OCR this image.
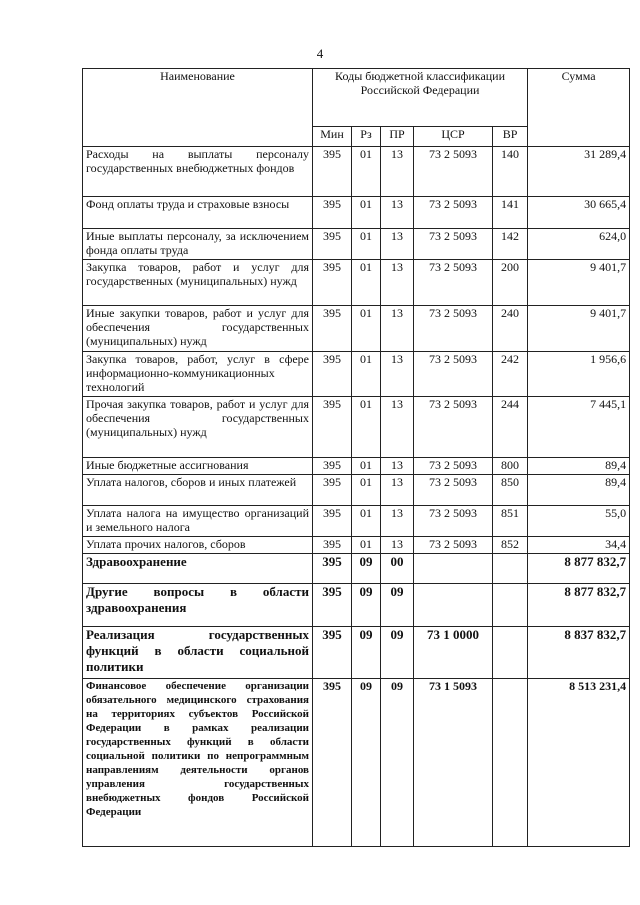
4
Наименование	Коды бюджетной классификации Российской Федерации					Сумма
	Мин	Рз	ПР	ЦСР	ВР	
Расходы на выплаты персоналу государственных внебюджетных фондов	395	01	13	73 2 5093	140	31 289,4
Фонд оплаты труда и страховые взносы	395	01	13	73 2 5093	141	30 665,4
Иные выплаты персоналу, за исключением фонда оплаты труда	395	01	13	73 2 5093	142	624,0
Закупка товаров, работ и услуг для государственных (муниципальных) нужд	395	01	13	73 2 5093	200	9 401,7
Иные закупки товаров, работ и услуг для обеспечения государственных (муниципальных) нужд	395	01	13	73 2 5093	240	9 401,7
Закупка товаров, работ, услуг в сфере информационно-коммуникационных технологий	395	01	13	73 2 5093	242	1 956,6
Прочая закупка товаров, работ и услуг для обеспечения государственных (муниципальных) нужд	395	01	13	73 2 5093	244	7 445,1
Иные бюджетные ассигнования	395	01	13	73 2 5093	800	89,4
Уплата налогов, сборов и иных платежей	395	01	13	73 2 5093	850	89,4
Уплата налога на имущество организаций и земельного налога	395	01	13	73 2 5093	851	55,0
Уплата прочих налогов, сборов	395	01	13	73 2 5093	852	34,4
Здравоохранение	395	09	00			8 877 832,7
Другие вопросы в области здравоохранения	395	09	09			8 877 832,7
Реализация государственных функций в области социальной политики	395	09	09	73 1 0000		8 837 832,7
Финансовое обеспечение организации обязательного медицинского страхования на территориях субъектов Российской Федерации в рамках реализации государственных функций в области социальной политики по непрограммным направлениям деятельности органов управления государственных внебюджетных фондов Российской Федерации	395	09	09	73 1 5093		8 513 231,4
